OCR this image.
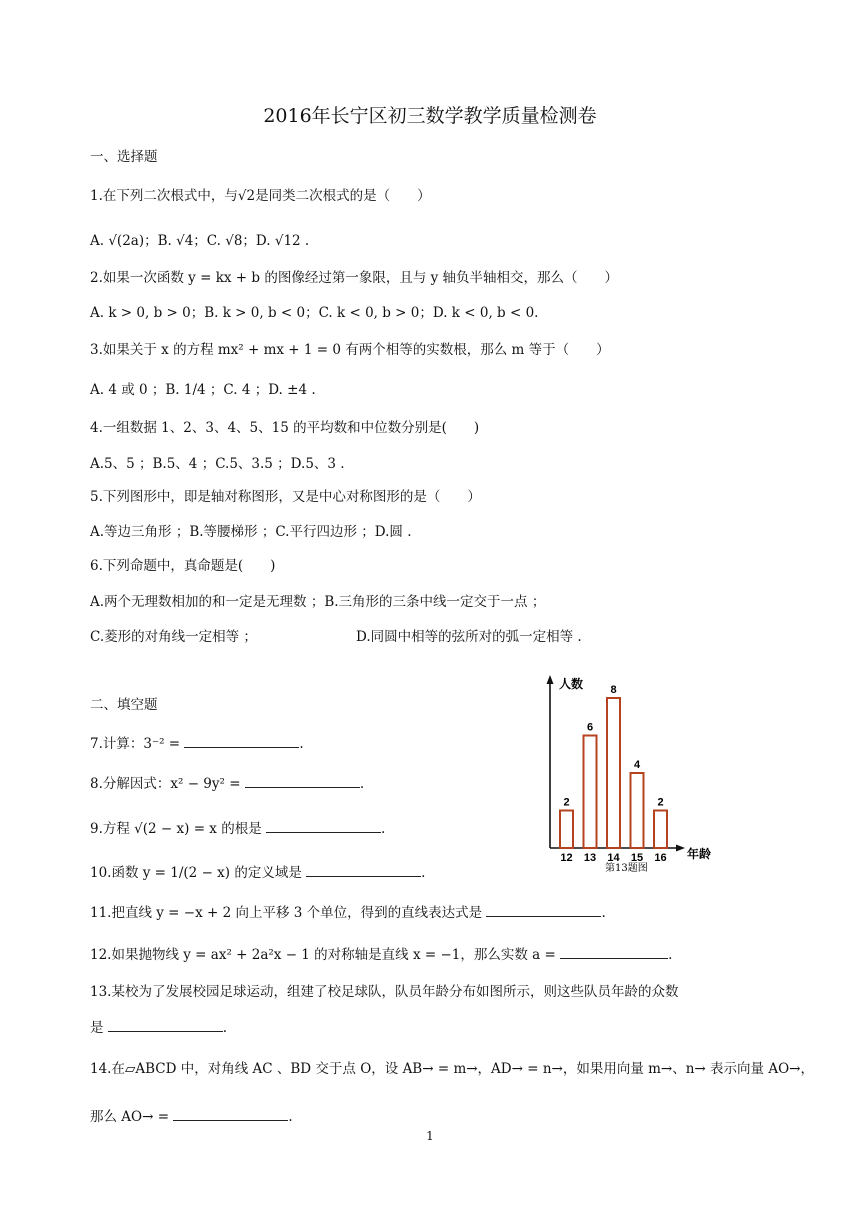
2016年长宁区初三数学教学质量检测卷
一、选择题
1.在下列二次根式中，与√2是同类二次根式的是（　　）
A. √(2a)；B. √4；C. √8；D. √12 .
2.如果一次函数 y = kx + b 的图像经过第一象限，且与 y 轴负半轴相交，那么（　　）
A. k > 0, b > 0；B. k > 0, b < 0；C. k < 0, b > 0；D. k < 0, b < 0.
3.如果关于 x 的方程 mx² + mx + 1 = 0 有两个相等的实数根，那么 m 等于（　　）
A. 4 或 0 ；B. 1/4 ；C. 4 ；D. ±4 .
4.一组数据 1、2、3、4、5、15 的平均数和中位数分别是(　　)
A.5、5 ；B.5、4 ；C.5、3.5 ；D.5、3 .
5.下列图形中，即是轴对称图形，又是中心对称图形的是（　　）
A.等边三角形 ；B.等腰梯形 ；C.平行四边形 ；D.圆 .
6.下列命题中，真命题是(　　)
A.两个无理数相加的和一定是无理数 ；B.三角形的三条中线一定交于一点 ；
C.菱形的对角线一定相等 ；	D.同圆中相等的弦所对的弧一定相等 .
二、填空题
7.计算：3⁻² =	.
8.分解因式：x² − 9y² =	.
9.方程 √(2 − x) = x 的根是	.
10.函数 y = 1/(2 − x) 的定义域是	.
11.把直线 y = −x + 2 向上平移 3 个单位，得到的直线表达式是	.
12.如果抛物线 y = ax² + 2a²x − 1 的对称轴是直线 x = −1，那么实数 a =	.
13.某校为了发展校园足球运动，组建了校足球队，队员年龄分布如图所示，则这些队员年龄的众数
是	.
14.在▱ABCD 中，对角线 AC 、BD 交于点 O，设 AB→ = m→，AD→ = n→，如果用向量 m→、n→ 表示向量 AO→，
那么 AO→ =	.
人数
年龄
第13题图
2
12
6
13
8
14
4
15
2
16
1
